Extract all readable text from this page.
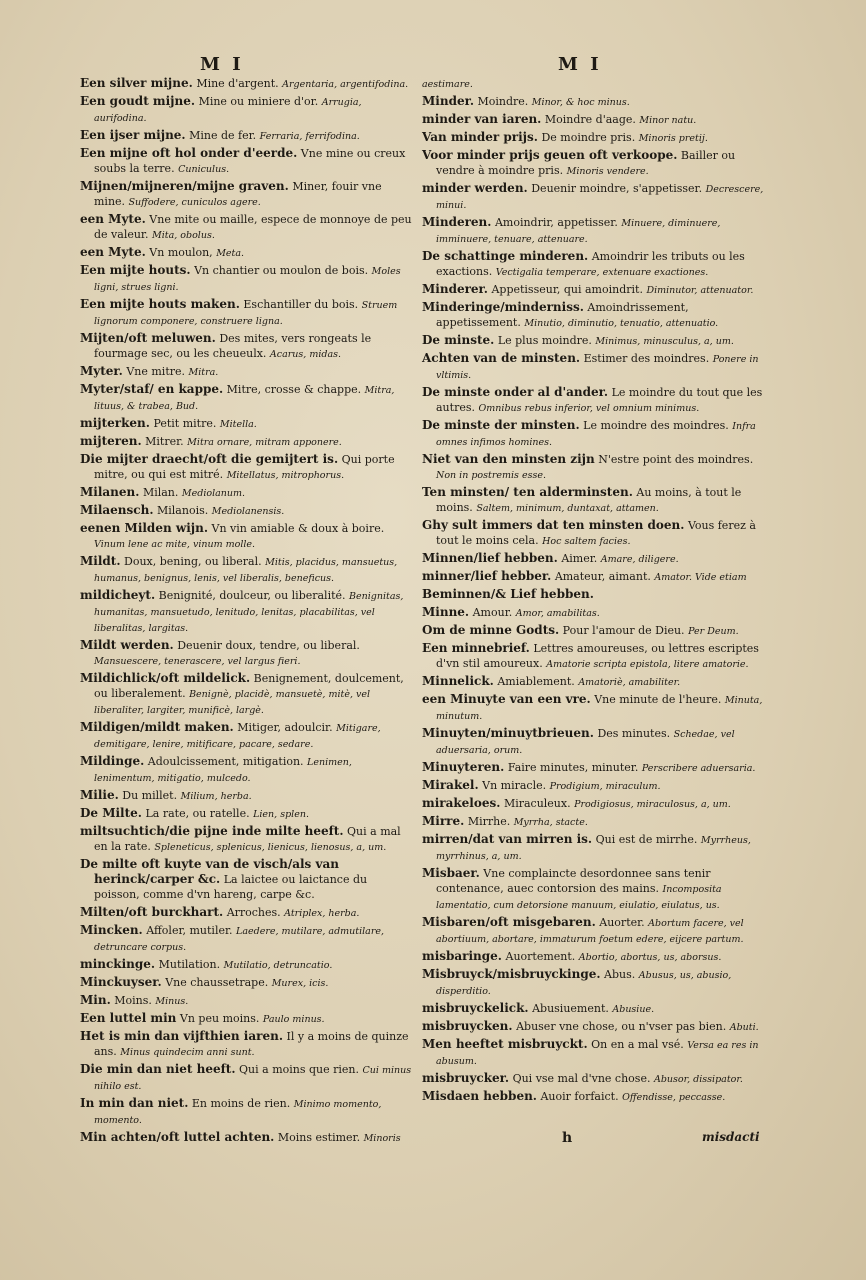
M I	M I
Een silver mijne. Mine d'argent. Argentaria, argentifodina.
Een goudt mijne. Mine ou miniere d'or. Arrugia, aurifodina.
Een ijser mijne. Mine de fer. Ferraria, ferrifodina.
Een mijne oft hol onder d'eerde. Vne mine ou creux soubs la terre. Cuniculus.
Mijnen/mijneren/mijne graven. Miner, fouir vne mine. Suffodere, cuniculos agere.
een Myte. Vne mite ou maille, espece de monnoye de peu de valeur. Mita, obolus.
een Myte. Vn moulon, Meta.
Een mijte houts. Vn chantier ou moulon de bois. Moles ligni, strues ligni.
Een mijte houts maken. Eschantiller du bois. Struem lignorum componere, construere ligna.
Mijten/oft meluwen. Des mites, vers rongeats le fourmage sec, ou les cheueulx. Acarus, midas.
Myter. Vne mitre. Mitra.
Myter/staf/ en kappe. Mitre, crosse & chappe. Mitra, lituus, & trabea, Bud.
mijterken. Petit mitre. Mitella.
mijteren. Mitrer. Mitra ornare, mitram apponere.
Die mijter draecht/oft die gemijtert is. Qui porte mitre, ou qui est mitré. Mitellatus, mitrophorus.
Milanen. Milan. Mediolanum.
Milaensch. Milanois. Mediolanensis.
eenen Milden wijn. Vn vin amiable & doux à boire. Vinum lene ac mite, vinum molle.
Mildt. Doux, bening, ou liberal. Mitis, placidus, mansuetus, humanus, benignus, lenis, vel liberalis, beneficus.
mildicheyt. Benignité, doulceur, ou liberalité. Benignitas, humanitas, mansuetudo, lenitudo, lenitas, placabilitas, vel liberalitas, largitas.
Mildt werden. Deuenir doux, tendre, ou liberal. Mansuescere, tenerascere, vel largus fieri.
Mildichlick/oft mildelick. Benignement, doulcement, ou liberalement. Benignè, placidè, mansuetè, mitè, vel liberaliter, largiter, munificè, largè.
Mildigen/mildt maken. Mitiger, adoulcir. Mitigare, demitigare, lenire, mitificare, pacare, sedare.
Mildinge. Adoulcissement, mitigation. Lenimen, lenimentum, mitigatio, mulcedo.
Milie. Du millet. Milium, herba.
De Milte. La rate, ou ratelle. Lien, splen.
miltsuchtich/die pijne inde milte heeft. Qui a mal en la rate. Spleneticus, splenicus, lienicus, lienosus, a, um.
De milte oft kuyte van de visch/als van herinck/carper &c. La laictee ou laictance du poisson, comme d'vn hareng, carpe &c.
Milten/oft burckhart. Arroches. Atriplex, herba.
Mincken. Affoler, mutiler. Laedere, mutilare, admutilare, detruncare corpus.
minckinge. Mutilation. Mutilatio, detruncatio.
Minckuyser. Vne chaussetrape. Murex, icis.
Min. Moins. Minus.
Een luttel min Vn peu moins. Paulo minus.
Het is min dan vijfthien iaren. Il y a moins de quinze ans. Minus quindecim anni sunt.
Die min dan niet heeft. Qui a moins que rien. Cui minus nihilo est.
In min dan niet. En moins de rien. Minimo momento, momento.
Min achten/oft luttel achten. Moins estimer. Minoris
aestimare.
Minder. Moindre. Minor, & hoc minus.
minder van iaren. Moindre d'aage. Minor natu.
Van minder prijs. De moindre pris. Minoris pretij.
Voor minder prijs geuen oft verkoope. Bailler ou vendre à moindre pris. Minoris vendere.
minder werden. Deuenir moindre, s'appetisser. Decrescere, minui.
Minderen. Amoindrir, appetisser. Minuere, diminuere, imminuere, tenuare, attenuare.
De schattinge minderen. Amoindrir les tributs ou les exactions. Vectigalia temperare, extenuare exactiones.
Minderer. Appetisseur, qui amoindrit. Diminutor, attenuator.
Minderinge/minderniss. Amoindrissement, appetissement. Minutio, diminutio, tenuatio, attenuatio.
De minste. Le plus moindre. Minimus, minusculus, a, um.
Achten van de minsten. Estimer des moindres. Ponere in vltimis.
De minste onder al d'ander. Le moindre du tout que les autres. Omnibus rebus inferior, vel omnium minimus.
De minste der minsten. Le moindre des moindres. Infra omnes infimos homines.
Niet van den minsten zijn N'estre point des moindres. Non in postremis esse.
Ten minsten/ ten alderminsten. Au moins, à tout le moins. Saltem, minimum, duntaxat, attamen.
Ghy sult immers dat ten minsten doen. Vous ferez à tout le moins cela. Hoc saltem facies.
Minnen/lief hebben. Aimer. Amare, diligere.
minner/lief hebber. Amateur, aimant. Amator. Vide etiam
Beminnen/& Lief hebben.
Minne. Amour. Amor, amabilitas.
Om de minne Godts. Pour l'amour de Dieu. Per Deum.
Een minnebrief. Lettres amoureuses, ou lettres escriptes d'vn stil amoureux. Amatorie scripta epistola, litere amatorie.
Minnelick. Amiablement. Amatoriè, amabiliter.
een Minuyte van een vre. Vne minute de l'heure. Minuta, minutum.
Minuyten/minuytbrieuen. Des minutes. Schedae, vel aduersaria, orum.
Minuyteren. Faire minutes, minuter. Perscribere aduersaria.
Mirakel. Vn miracle. Prodigium, miraculum.
mirakeloes. Miraculeux. Prodigiosus, miraculosus, a, um.
Mirre. Mirrhe. Myrrha, stacte.
mirren/dat van mirren is. Qui est de mirrhe. Myrrheus, myrrhinus, a, um.
Misbaer. Vne complaincte desordonnee sans tenir contenance, auec contorsion des mains. Incomposita lamentatio, cum detorsione manuum, eiulatio, eiulatus, us.
Misbaren/oft misgebaren. Auorter. Abortum facere, vel abortiuum, abortare, immaturum foetum edere, eijcere partum.
misbaringe. Auortement. Abortio, abortus, us, aborsus.
Misbruyck/misbruyckinge. Abus. Abusus, us, abusio, disperditio.
misbruyckelick. Abusiuement. Abusiue.
misbruycken. Abuser vne chose, ou n'vser pas bien. Abuti.
Men heeftet misbruyckt. On en a mal vsé. Versa ea res in abusum.
misbruycker. Qui vse mal d'vne chose. Abusor, dissipator.
Misdaen hebben. Auoir forfaict. Offendisse, peccasse.
h	misdacti
